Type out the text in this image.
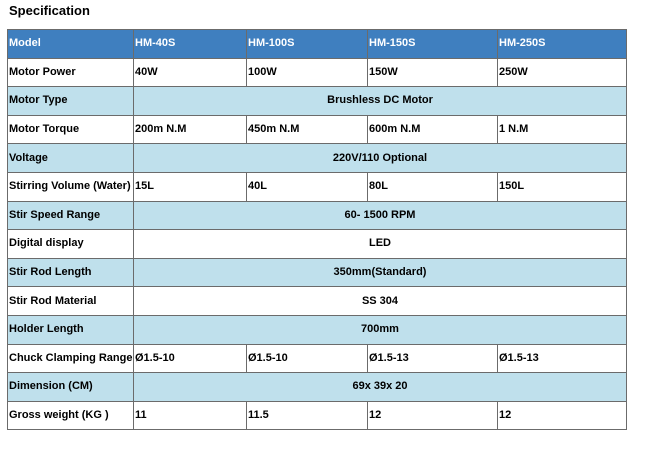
Specification
Model	HM-40S	HM-100S	HM-150S	HM-250S
Motor Power	40W	100W	150W	250W
Motor Type	Brushless DC Motor			
Motor Torque	200m N.M	450m N.M	600m N.M	1 N.M
Voltage	220V/110 Optional			
Stirring Volume (Water)	15L	40L	80L	150L
Stir Speed Range	60- 1500 RPM			
Digital display	LED			
Stir Rod Length	350mm(Standard)			
Stir Rod Material	SS 304			
Holder Length	700mm			
Chuck Clamping Range	Ø1.5-10	Ø1.5-10	Ø1.5-13	Ø1.5-13
Dimension (CM)	69x 39x 20			
Gross weight (KG )	11	11.5	12	12
